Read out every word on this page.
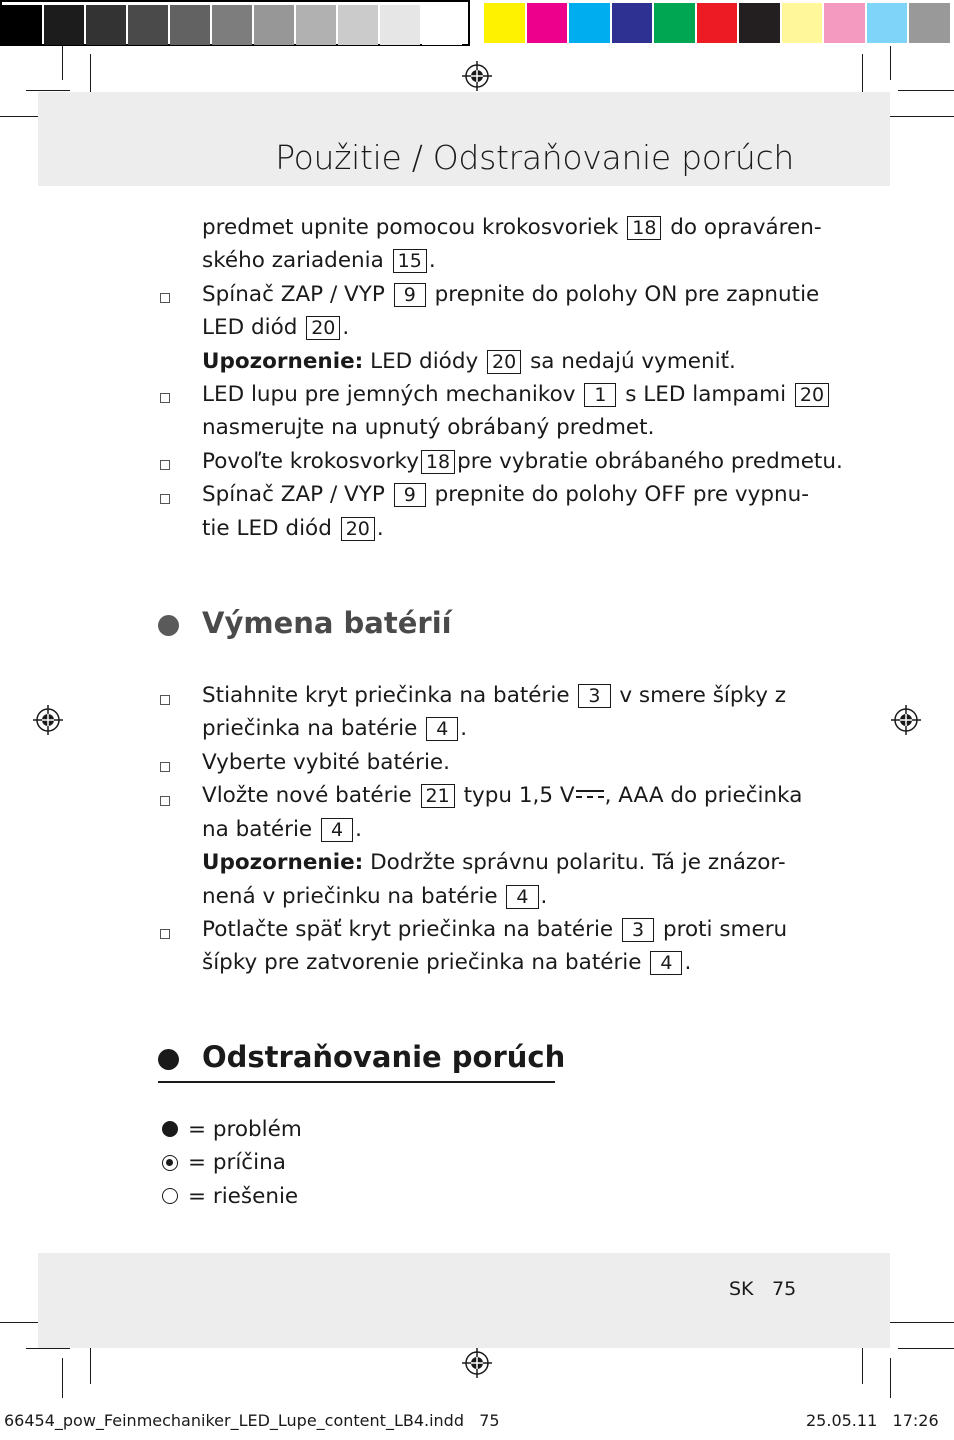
Použitie / Odstraňovanie porúch
predmet upnite pomocou krokosvoriek 18 do opraváren-
ského zariadenia 15 .
Spínač ZAP / VYP 9 prepnite do polohy ON pre zapnutie
LED diód 20 .
Upozornenie: LED diódy 20 sa nedajú vymeniť.
LED lupu pre jemných mechanikov 1 s LED lampami 20
nasmerujte na upnutý obrábaný predmet.
Povoľte krokosvorky 18 pre vybratie obrábaného predmetu.
Spínač ZAP / VYP 9 prepnite do polohy OFF pre vypnu-
tie LED diód 20 .
Výmena batérií
Stiahnite kryt priečinka na batérie 3 v smere šípky z
priečinka na batérie 4 .
Vyberte vybité batérie.
Vložte nové batérie 21 typu 1,5 V , AAA do priečinka
na batérie 4 .
Upozornenie: Dodržte správnu polaritu. Tá je znázor-
nená v priečinku na batérie 4 .
Potlačte späť kryt priečinka na batérie 3 proti smeru
šípky pre zatvorenie priečinka na batérie 4 .
Odstraňovanie porúch
= problém
= príčina
= riešenie
SK 75
66454_pow_Feinmechaniker_LED_Lupe_content_LB4.indd   75	25.05.11   17:26
